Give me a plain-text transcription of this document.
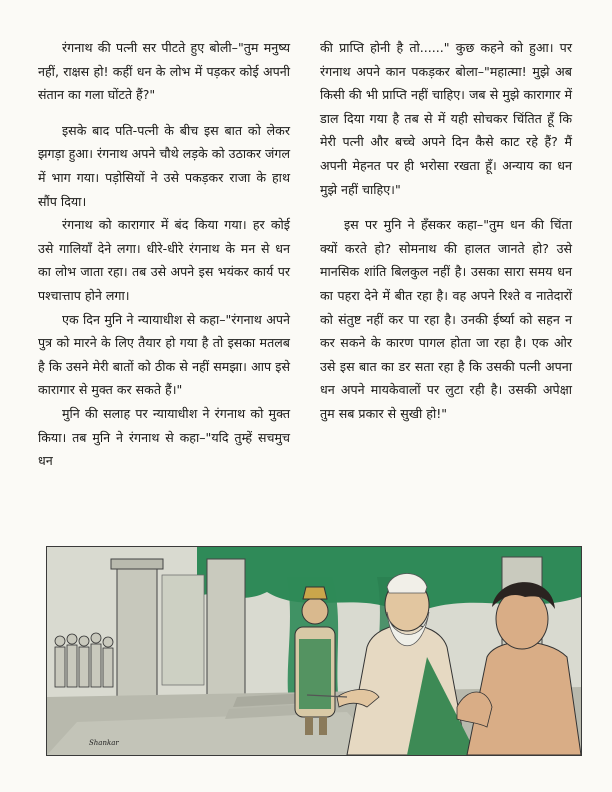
रंगनाथ की पत्नी सर पीटते हुए बोली–"तुम मनुष्य नहीं, राक्षस हो! कहीं धन के लोभ में पड़कर कोई अपनी संतान का गला घोंटते हैं?"

इसके बाद पति-पत्नी के बीच इस बात को लेकर झगड़ा हुआ। रंगनाथ अपने चौथे लड़के को उठाकर जंगल में भाग गया। पड़ोसियों ने उसे पकड़कर राजा के हाथ सौंप दिया।

रंगनाथ को कारागार में बंद किया गया। हर कोई उसे गालियाँ देने लगा। धीरे-धीरे रंगनाथ के मन से धन का लोभ जाता रहा। तब उसे अपने इस भयंकर कार्य पर पश्चात्ताप होने लगा।

एक दिन मुनि ने न्यायाधीश से कहा–"रंगनाथ अपने पुत्र को मारने के लिए तैयार हो गया है तो इसका मतलब है कि उसने मेरी बातों को ठीक से नहीं समझा। आप इसे कारागार से मुक्त कर सकते हैं।"

मुनि की सलाह पर न्यायाधीश ने रंगनाथ को मुक्त किया। तब मुनि ने रंगनाथ से कहा–"यदि तुम्हें सचमुच धन

की प्राप्ति होनी है तो......" कुछ कहने को हुआ। पर रंगनाथ अपने कान पकड़कर बोला–"महात्मा! मुझे अब किसी की भी प्राप्ति नहीं चाहिए। जब से मुझे कारागार में डाल दिया गया है तब से में यही सोचकर चिंतित हूँ कि मेरी पत्नी और बच्चे अपने दिन कैसे काट रहे हैं? मैं अपनी मेहनत पर ही भरोसा रखता हूँ। अन्याय का धन मुझे नहीं चाहिए।"

इस पर मुनि ने हँसकर कहा–"तुम धन की चिंता क्यों करते हो? सोमनाथ की हालत जानते हो? उसे मानसिक शांति बिलकुल नहीं है। उसका सारा समय धन का पहरा देने में बीत रहा है। वह अपने रिश्ते व नातेदारों को संतुष्ट नहीं कर पा रहा है। उनकी ईर्ष्या को सहन न कर सकने के कारण पागल होता जा रहा है। एक ओर उसे इस बात का डर सता रहा है कि उसकी पत्नी अपना धन अपने मायकेवालों पर लुटा रही है। उसकी अपेक्षा तुम सब प्रकार से सुखी हो!"

Shankar
